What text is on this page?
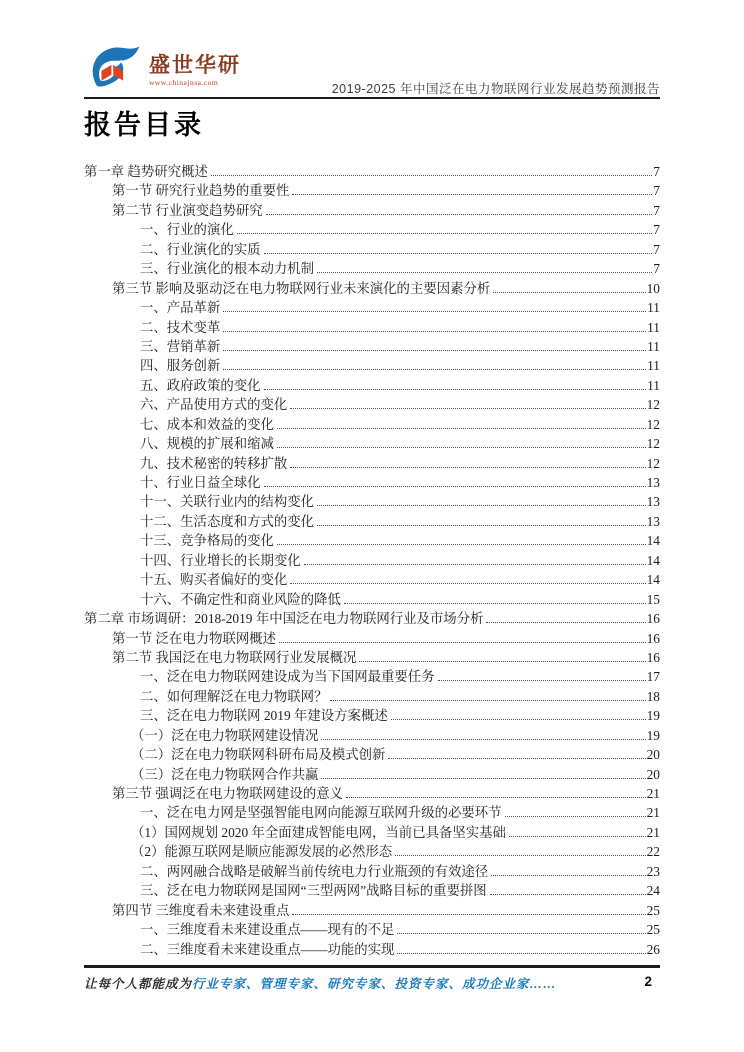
盛世华研
www.chinajnsa.com	2019-2025 年中国泛在电力物联网行业发展趋势预测报告
报告目录
第一章 趋势研究概述	7
第一节 研究行业趋势的重要性	7
第二节 行业演变趋势研究	7
一、行业的演化	7
二、行业演化的实质	7
三、行业演化的根本动力机制	7
第三节 影响及驱动泛在电力物联网行业未来演化的主要因素分析	10
一、产品革新	11
二、技术变革	11
三、营销革新	11
四、服务创新	11
五、政府政策的变化	11
六、产品使用方式的变化	12
七、成本和效益的变化	12
八、规模的扩展和缩减	12
九、技术秘密的转移扩散	12
十、行业日益全球化	13
十一、关联行业内的结构变化	13
十二、生活态度和方式的变化	13
十三、竞争格局的变化	14
十四、行业增长的长期变化	14
十五、购买者偏好的变化	14
十六、不确定性和商业风险的降低	15
第二章 市场调研：2018-2019 年中国泛在电力物联网行业及市场分析	16
第一节 泛在电力物联网概述	16
第二节 我国泛在电力物联网行业发展概况	16
一、泛在电力物联网建设成为当下国网最重要任务	17
二、如何理解泛在电力物联网？	18
三、泛在电力物联网 2019 年建设方案概述	19
（一）泛在电力物联网建设情况	19
（二）泛在电力物联网科研布局及模式创新	20
（三）泛在电力物联网合作共赢	20
第三节 强调泛在电力物联网建设的意义	21
一、泛在电力网是坚强智能电网向能源互联网升级的必要环节	21
（1）国网规划 2020 年全面建成智能电网，当前已具备坚实基础	21
（2）能源互联网是顺应能源发展的必然形态	22
二、两网融合战略是破解当前传统电力行业瓶颈的有效途径	23
三、泛在电力物联网是国网“三型两网”战略目标的重要拼图	24
第四节 三维度看未来建设重点	25
一、三维度看未来建设重点——现有的不足	25
二、三维度看未来建设重点——功能的实现	26
让每个人都能成为行业专家、管理专家、研究专家、投资专家、成功企业家……	2
